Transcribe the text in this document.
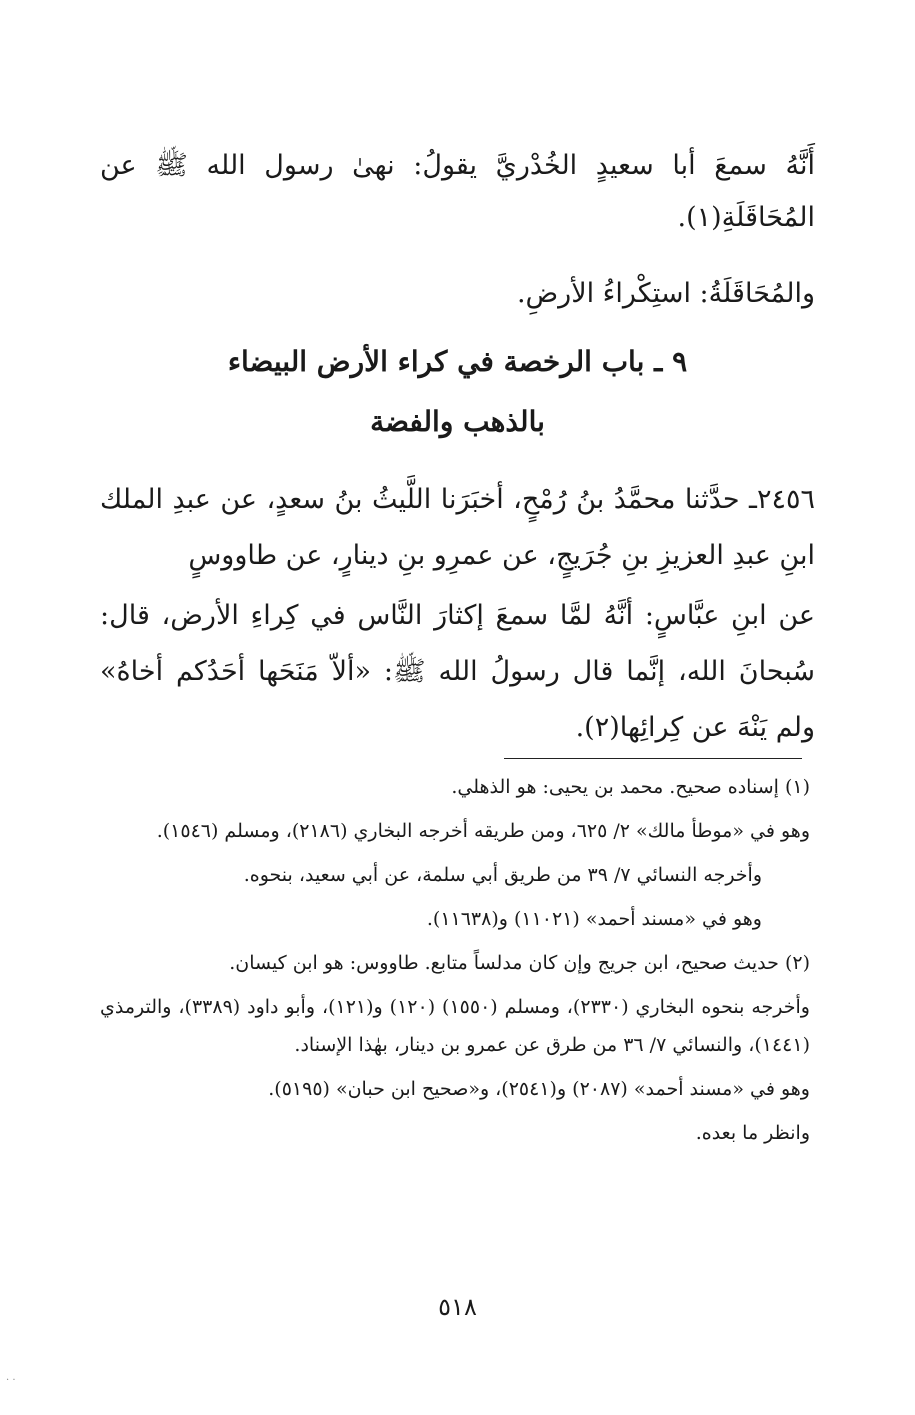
أَنَّهُ سمعَ أبا سعيدٍ الخُدْريَّ يقولُ: نهىٰ رسول الله ﷺ عن المُحَاقَلَةِ(١).

والمُحَاقَلَةُ: استِكْراءُ الأرضِ.

٩ ـ باب الرخصة في كراء الأرض البيضاء
بالذهب والفضة

٢٤٥٦ـ حدَّثنا محمَّدُ بنُ رُمْحٍ، أخبَرَنا اللَّيثُ بنُ سعدٍ، عن عبدِ الملك ابنِ عبدِ العزيزِ بنِ جُرَيجٍ، عن عمرِو بنِ دينارٍ، عن طاووسٍ

عن ابنِ عبَّاسٍ: أنَّهُ لمَّا سمعَ إكثارَ النَّاس في كِراءِ الأرض، قال: سُبحانَ الله، إنَّما قال رسولُ الله ﷺ: «ألاّ مَنَحَها أحَدُكم أخاهُ» ولم يَنْهَ عن كِرائِها(٢).

(١) إسناده صحيح. محمد بن يحيى: هو الذهلي.

وهو في «موطأ مالك» ٢/ ٦٢٥، ومن طريقه أخرجه البخاري (٢١٨٦)، ومسلم (١٥٤٦).

وأخرجه النسائي ٧/ ٣٩ من طريق أبي سلمة، عن أبي سعيد، بنحوه.

وهو في «مسند أحمد» (١١٠٢١) و(١١٦٣٨).

(٢) حديث صحيح، ابن جريج وإن كان مدلساً متابع. طاووس: هو ابن كيسان.

وأخرجه بنحوه البخاري (٢٣٣٠)، ومسلم (١٥٥٠) (١٢٠) و(١٢١)، وأبو داود (٣٣٨٩)، والترمذي (١٤٤١)، والنسائي ٧/ ٣٦ من طرق عن عمرو بن دينار، بهٰذا الإسناد.

وهو في «مسند أحمد» (٢٠٨٧) و(٢٥٤١)، و«صحيح ابن حبان» (٥١٩٥).

وانظر ما بعده.

٥١٨
. .
